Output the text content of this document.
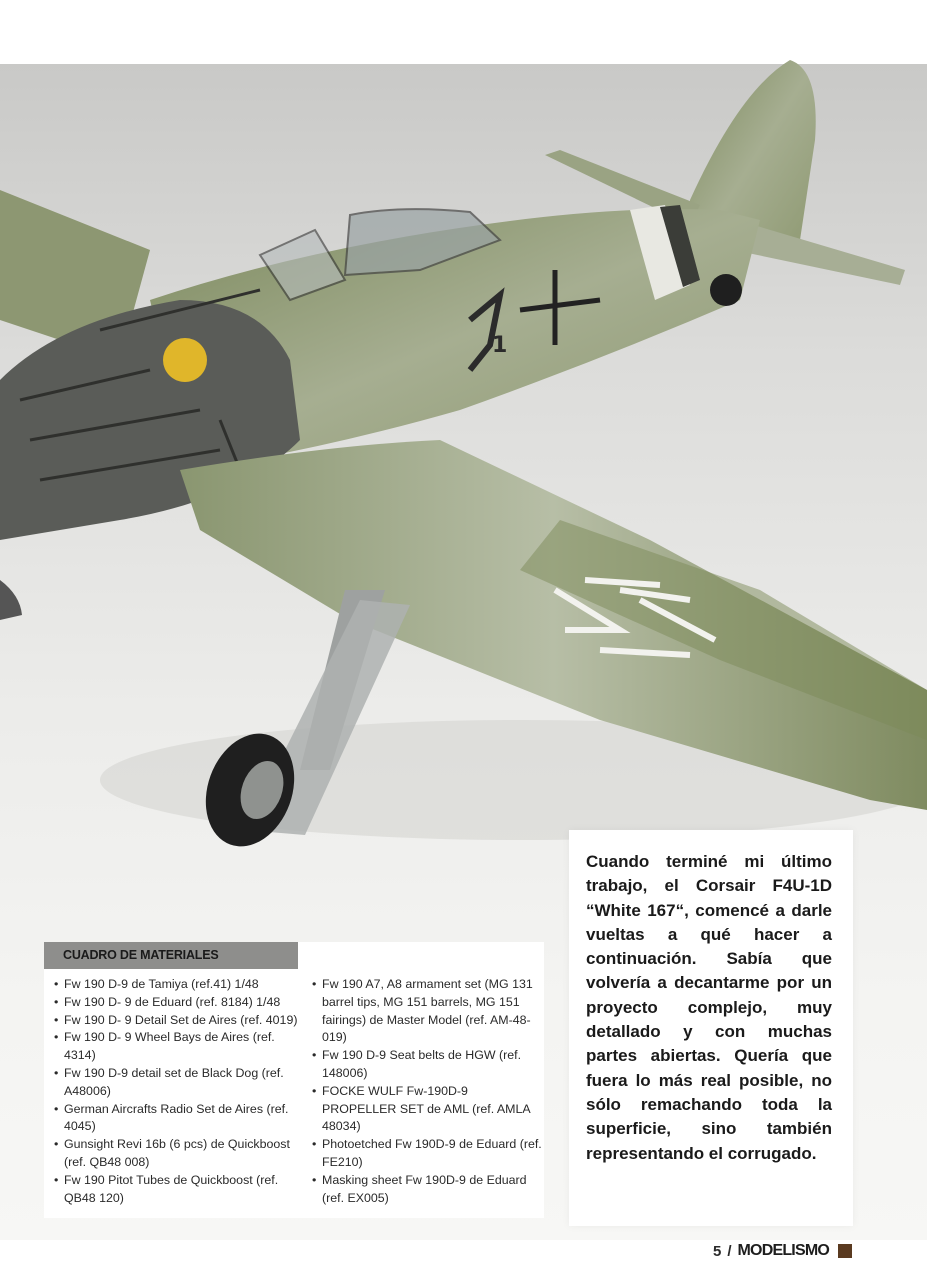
1
CUADRO DE MATERIALES
• Fw 190 D-9 de Tamiya (ref.41) 1/48
• Fw 190 D- 9 de Eduard (ref. 8184) 1/48
• Fw 190 D- 9 Detail Set de Aires (ref. 4019)
• Fw 190 D- 9 Wheel Bays de Aires (ref. 4314)
• Fw 190 D-9 detail set de Black Dog (ref. A48006)
• German Aircrafts Radio Set de Aires (ref. 4045)
• Gunsight Revi 16b (6 pcs) de Quickboost (ref. QB48 008)
• Fw 190 Pitot Tubes de Quickboost (ref. QB48 120)
• Fw 190 A7, A8 armament set (MG 131 barrel tips, MG 151 barrels, MG 151 fairings) de Master Model (ref. AM-48-019)
• Fw 190 D-9 Seat belts de HGW (ref. 148006)
• FOCKE WULF Fw-190D-9 PROPELLER SET de AML (ref. AMLA 48034)
• Photoetched Fw 190D-9 de Eduard (ref. FE210)
• Masking sheet Fw 190D-9 de Eduard (ref. EX005)

Cuando terminé mi último trabajo, el Corsair F4U-1D “White 167“, comencé a darle vueltas a qué hacer a continuación. Sabía que volvería a decantarme por un proyecto complejo, muy detallado y con muchas partes abiertas. Quería que fuera lo más real posible, no sólo remachando toda la superficie, sino también representando el corrugado.

5 / MODELISMO
